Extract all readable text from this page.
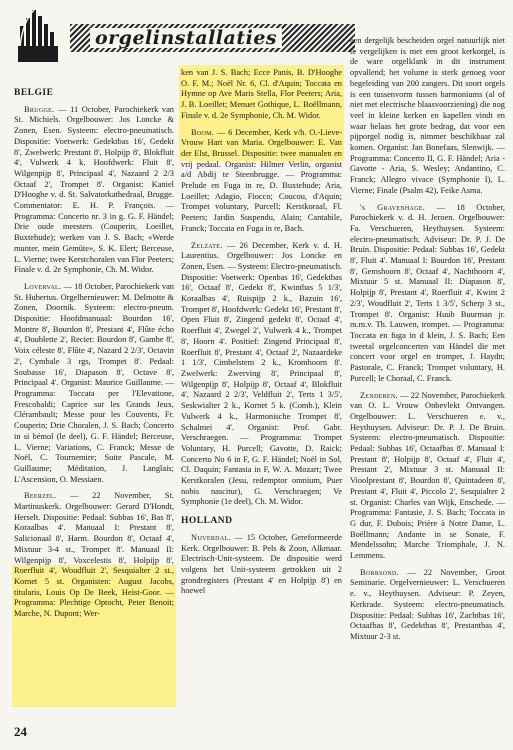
orgelinstallaties
BELGIE

Brugge. — 11 October, Parochiekerk van St. Michiels. Orgelbouwer: Jos Loncke & Zonen, Esen. Systeem: electro-pneumatisch. Dispositie: Voetwerk: Gedektbas 16', Gedekt 8', Zwelwerk: Prestant 8', Holpijp 8', Blokfluit 4', Vulwerk 4 k. Hoofdwerk: Fluit 8', Wilgenpijp 8', Principaal 4', Nazaard 2 2/3 Octaaf 2', Trompet 8'. Organist: Kaniel D'Hooghe v. d. St. Salvatorkathedraal, Brugge. Commentator: E. H. P. François. — Programma: Concerto nr. 3 in g. G. F. Händel; Drie oude meesters (Couperin, Loeillet, Buxtehude); werken van J. S. Bach; «Werde munter, mein Gemüte», S. K. Elert; Berceuse, L. Vierne; twee Kerstchoralen van Flor Peeters; Finale v. d. 2e Symphonie, Ch. M. Widor.

Loverval. — 18 October, Parochiekerk van St. Hubertus. Orgelhernieuwer: M. Delmotte & Zonen, Doornik. Systeem: electro-pneum. Dispositie: Hoofdmanuaal: Bourdon 16', Montre 8', Bourdon 8', Prestant 4', Flûte écho 4', Doublette 2', Reciet: Bourdon 8', Gambe 8', Voix céleste 8', Flûte 4', Nazard 2 2/3', Octavin 2', Cymbale 3 rgs, Trompet 8'. Pedaal: Soubasse 16', Diapason 8', Octave 8', Principaal 4'. Organist: Maurice Guillaume. — Programma: Toccata per l'Elevatione, Frescobaldi; Caprice sur les Grands Jeux, Clérambault; Messe pour les Couvents, Fr. Couperin; Drie Choralen, J. S. Bach; Concerto in si bémol (le deel), G. F. Händel; Berceuse, L. Vierne; Variations, C. Franck; Messe de Noël, C. Tournemire; Suite Pascale, M. Guillaume; Méditation, J. Langlais; L'Ascension, O. Messiaen.

Beerzel. — 22 November, St. Martinuskerk. Orgelbouwer: Gerard D'Hondt, Herselt. Dispositie: Pedaal: Subbas 16', Bas 8', Koraalbas 4'. Manuaal I: Prestant 8', Salicionaal 8', Harm. Bourdon 8', Octaaf 4', Mixtuur 3-4 st., Trompet 8'. Manuaal II: Wilgenpijp 8', Voxcelestis 8', Holpijp 8', Roerfluit 4', Woudfluit 2', Sesquialter 2 st., Kornet 5 st. Organisten: August Jacobs, titularis, Louis Op De Beek, Heist-Goor. — Programma: Plechtige Optocht, Peter Benoit; Marche, N. Dupont; Wer-

ken van J. S. Bach; Ecce Panis, B. D'Hooghe O. F. M.; Noël Nr. 6, Cl. d'Aquin; Toccata en Hymne op Ave Maris Stella, Flor Peeters; Aria, J. B. Loeillet; Menuet Gothique, L. Boëllmann, Finale v. d. 2e Symphonie, Ch. M. Widor.

Boom. — 6 December, Kerk v/h. O.-Lieve-Vrouw Hart van Maria. Orgelbouwer: E. Van der Elst, Brussel. Dispositie: twee manualen en vrij pedaal. Organist: Hilmer Verlin, organist a/d Abdij te Steenbrugge. — Programma: Prelude en Fuga in re, D. Buxtehude; Aria, Loeillet; Adagio, Fiocco; Coucou, d'Aquin; Trompet voluntary, Purcell; Kerstkoraal, Fl. Peeters; Jardin Suspendu, Alain; Cantabile, Franck; Toccata en Fuga in re, Bach.

Zelzate. — 26 December, Kerk v. d. H. Laurentius. Orgelbouwer: Jos Loncke en Zonen, Esen. — Systeem: Electro-pneumatisch. Dispositie: Voetwerk: Openbas 16', Gedektbas 16', Octaaf 8', Gedekt 8', Kwintbas 5 1/3', Koraalbas 4', Ruispijp 2 k., Bazuin 16', Trompet 8', Hoofdwerk: Gedekt 16', Prestant 8', Open Fluit 8', Zingend gedekt 8', Octaaf 4', Roerfluit 4', Zwegel 2', Vulwerk 4 k., Trompet 8', Hoorn 4'. Positief: Zingend Principaal 8', Roerfluit 8', Prestant 4', Octaaf 2', Nazaardeke 1 1/3', Cimbelstem 2 k., Kromhoorn 8'. Zwelwerk: Zwerving 8', Principaal 8', Wilgenpijp 8', Holpijp 8', Octaaf 4', Blokfluit 4', Nazaard 2 2/3', Veldfluit 2', Terts 1 3/5', Seskwialter 2 k., Kornet 5 k. (Comb.), Klein Vulwerk 4 k., Harmonische Trompet 8', Schalmei 4'. Organist: Prof. Gabr. Verschraegen. — Programma: Trompet Voluntary, H. Purcell; Gavotte, D. Raick; Concerto No 6 in F, G. F. Händel; Noël in Sol, Cl. Daquin; Fantasia in F, W. A. Mozart; Twee Kerstkoralen (Jesu, redemptor omnium, Puer nobis nascitur), G. Verschraegen; Ve Symphonie (1e deel), Ch. M. Widor.

HOLLAND

Nijverdal. — 15 October, Gereformeerde Kerk. Orgelbouwer: B. Pels & Zoon, Alkmaar. Electrisch-Unit-systeem. De dispositie werd volgens het Unit-systeem getrokken uit 2 grondregisters (Prestant 4' en Holpijp 8') en hoewel

een dergelijk bescheiden orgel natuurlijk niet te vergelijken is met een groot kerkorgel, is de ware orgelklank in dit instrument opvallend; het volume is sterk genoeg voor begeleiding van 200 zangers. Dit soort orgels is een tussenvorm tussen harmoniums (al of niet met electrische blaasvoorziening) die nog veel in kleine kerken en kapellen vindt en waar helaas het grote bedrag, dat voor een pijporgel nodig is, nimmer beschikbaar zal komen. Organist: Jan Bonefaas, Slenwijk. — Programma: Concerto II, G. F. Händel; Aria - Gavotte - Aria, S. Wesley; Andantino, C. Franck; Allegro vivace (Symphonie I), L. Vierne; Finale (Psalm 42), Feike Asma.

's Gravenhage. — 18 October, Parochiekerk v. d. H. Jeroen. Orgelbouwer: Fa. Verschueren, Heythuysen. Systeem: electro-pneumatisch. Adviseur: Dr. P. J. De Bruin. Dispositie: Pedaal: Subbas 16', Gedekt 8', Fluit 4'. Manuaal I: Bourdon 16', Prestant 8', Gemshoorn 8', Octaaf 4', Nachthoorn 4', Mixtuur 5 st. Manuaal II: Diapason 8', Holpijp 8', Prestant 4', Roerfluit 4', Kwint 2 2/3', Woudfluit 2', Terts 1 3/5', Scherp 3 st., Trompet 8'. Organist: Huub Buurman jr. m.m.v. Th. Lauwen, trompet. — Programma: Toccata en fuga in d klein, J. S. Bach; Een tweetal orgelconcerten van Händel die met concert voor orgel en trompet, J. Haydn; Pastorale, C. Franck; Trompet voluntary, H. Purcell; le Choraal, C. Franck.

Zenderen. — 22 November, Parochiekerk van O. L. Vrouw Onbevlekt Ontvangen. Orgelbouwer: L. Verschueren e. v., Heythuysen. Adviseur: Dr. P. J. De Bruin. Systeem: electro-pneumatisch. Dispositie: Pedaal: Subbas 16', Octaafbas 8'. Manuaal I: Prestant 8', Holpijp 8', Octaaf 4', Fluit 4', Prestant 2', Mixtuur 3 st. Manuaal II: Vioolprestant 8', Bourdon 8', Quintadeen 8', Prestant 4', Fluit 4', Piccolo 2', Sesquialter 2 st. Organist: Charles van Wijk, Enschede. — Programma: Fantasie, J. S. Bach; Toccata in G dur, F. Dubois; Prière à Notre Dame, L. Boëllmann; Andante in se Sonate, F. Mendelssohn; Marche Triomphale, J. N. Lemmens.

Borrsond. — 22 November, Groot Seminarie. Orgelvernieuwer: L. Verschueren e. v., Heythuysen. Adviseur: P. Zeyen, Kerkrade. Systeem: electro-pneumatisch. Dispositie: Pedaal: Subbas 16', Zachtbas 16', Octaafbas 8', Gedektbas 8', Prestantbas 4', Mixtuur 2-3 st.

24
